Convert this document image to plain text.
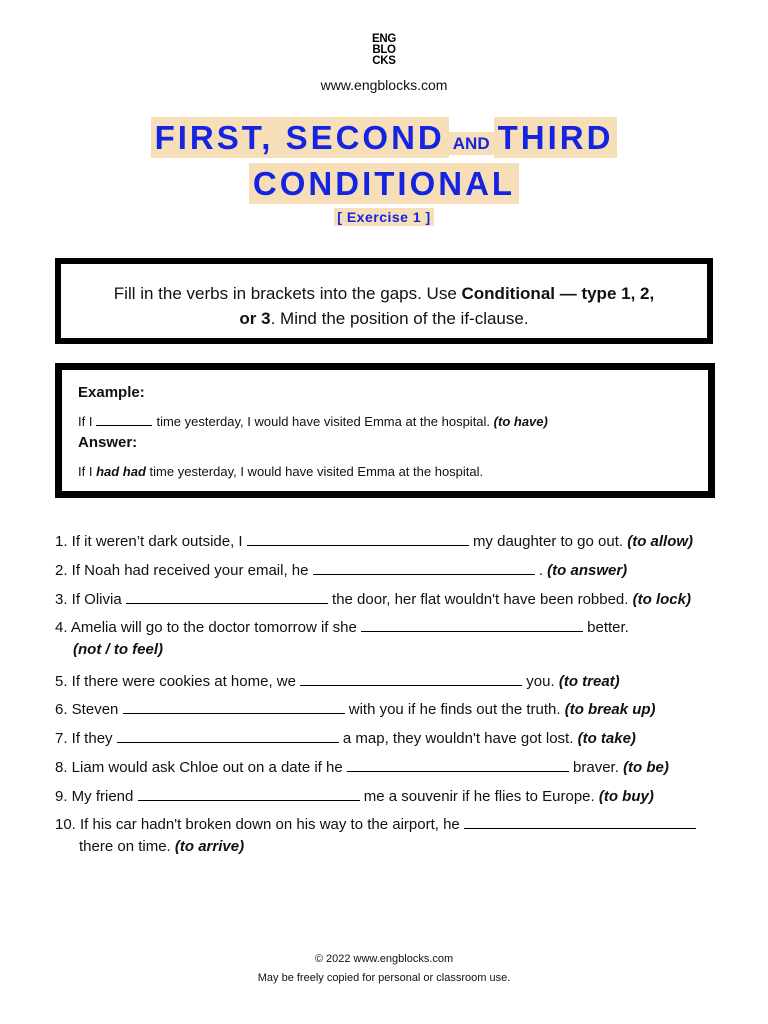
ENG
BLO
CKS
www.engblocks.com
FIRST, SECOND AND THIRD
CONDITIONAL
[ Exercise 1 ]
Fill in the verbs in brackets into the gaps. Use Conditional — type 1, 2,
or 3. Mind the position of the if-clause.
Example:
If I	time yesterday, I would have visited Emma at the hospital. (to have)
Answer:
If I had had time yesterday, I would have visited Emma at the hospital.
1. If it weren’t dark outside, I	my daughter to go out. (to allow)
2. If Noah had received your email, he	. (to answer)
3. If Olivia	the door, her flat wouldn't have been robbed. (to lock)
4. Amelia will go to the doctor tomorrow if she	better.
(not / to feel)
5. If there were cookies at home, we	you. (to treat)
6. Steven	with you if he finds out the truth. (to break up)
7. If they	a map, they wouldn't have got lost. (to take)
8. Liam would ask Chloe out on a date if he	braver. (to be)
9. My friend	me a souvenir if he flies to Europe. (to buy)
10. If his car hadn't broken down on his way to the airport, he
there on time. (to arrive)
© 2022 www.engblocks.com
May be freely copied for personal or classroom use.
